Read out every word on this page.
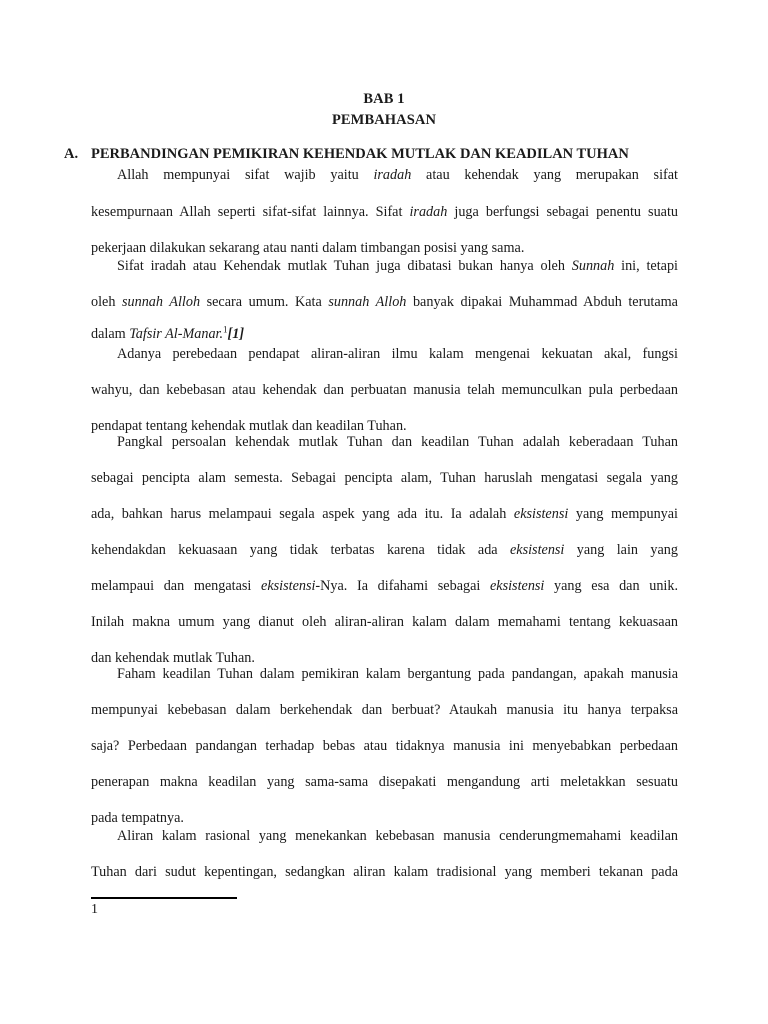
BAB 1
PEMBAHASAN
A. PERBANDINGAN PEMIKIRAN KEHENDAK MUTLAK DAN KEADILAN TUHAN
Allah mempunyai sifat wajib yaitu iradah atau kehendak yang merupakan sifat
kesempurnaan Allah seperti sifat-sifat lainnya. Sifat iradah juga berfungsi sebagai penentu suatu
pekerjaan dilakukan sekarang atau nanti dalam timbangan posisi yang sama.
Sifat iradah atau Kehendak mutlak Tuhan juga dibatasi bukan hanya oleh Sunnah ini, tetapi
oleh sunnah Alloh secara umum. Kata sunnah Alloh banyak dipakai Muhammad Abduh terutama
dalam Tafsir Al-Manar.$^1$[1]
Adanya perebedaan pendapat aliran-aliran ilmu kalam mengenai kekuatan akal, fungsi
wahyu, dan kebebasan atau kehendak dan perbuatan manusia telah memunculkan pula perbedaan
pendapat tentang kehendak mutlak dan keadilan Tuhan.
Pangkal persoalan kehendak mutlak Tuhan dan keadilan Tuhan adalah keberadaan Tuhan
sebagai pencipta alam semesta. Sebagai pencipta alam, Tuhan haruslah mengatasi segala yang
ada, bahkan harus melampaui segala aspek yang ada itu. Ia adalah eksistensi yang mempunyai
kehendakdan kekuasaan yang tidak terbatas karena tidak ada eksistensi yang lain yang
melampaui dan mengatasi eksistensi-Nya. Ia difahami sebagai eksistensi yang esa dan unik.
Inilah makna umum yang dianut oleh aliran-aliran kalam dalam memahami tentang kekuasaan
dan kehendak mutlak Tuhan.
Faham keadilan Tuhan dalam pemikiran kalam bergantung pada pandangan, apakah manusia
mempunyai kebebasan dalam berkehendak dan berbuat? Ataukah manusia itu hanya terpaksa
saja? Perbedaan pandangan terhadap bebas atau tidaknya manusia ini menyebabkan perbedaan
penerapan makna keadilan yang sama-sama disepakati mengandung arti meletakkan sesuatu
pada tempatnya.
Aliran kalam rasional yang menekankan kebebasan manusia cenderungmemahami keadilan
Tuhan dari sudut kepentingan, sedangkan aliran kalam tradisional yang memberi tekanan pada
1
